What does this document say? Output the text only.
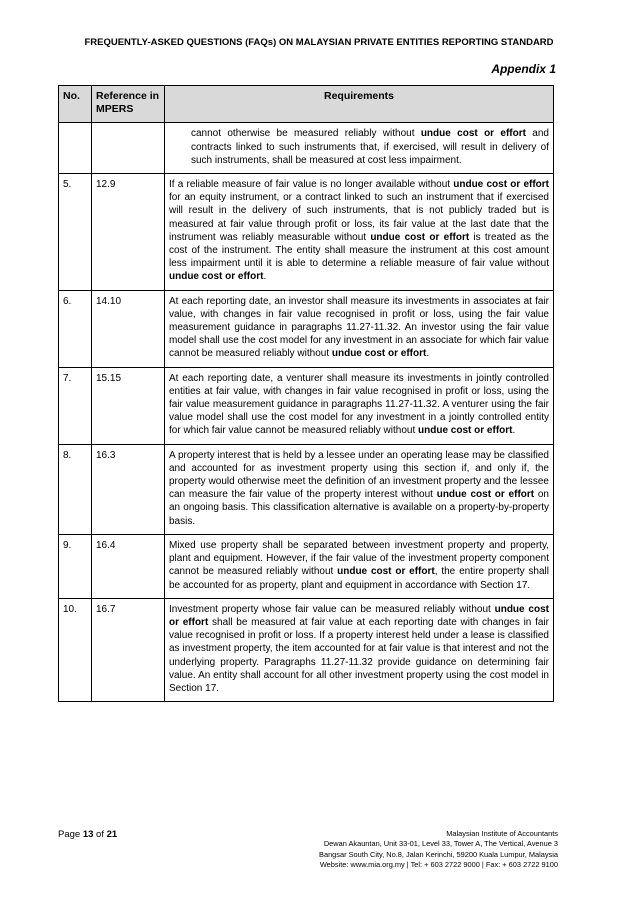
FREQUENTLY-ASKED QUESTIONS (FAQs) ON MALAYSIAN PRIVATE ENTITIES REPORTING STANDARD
Appendix 1
No.	Reference in MPERS	Requirements
		cannot otherwise be measured reliably without undue cost or effort and contracts linked to such instruments that, if exercised, will result in delivery of such instruments, shall be measured at cost less impairment.
5.	12.9	If a reliable measure of fair value is no longer available without undue cost or effort for an equity instrument, or a contract linked to such an instrument that if exercised will result in the delivery of such instruments, that is not publicly traded but is measured at fair value through profit or loss, its fair value at the last date that the instrument was reliably measurable without undue cost or effort is treated as the cost of the instrument. The entity shall measure the instrument at this cost amount less impairment until it is able to determine a reliable measure of fair value without undue cost or effort.
6.	14.10	At each reporting date, an investor shall measure its investments in associates at fair value, with changes in fair value recognised in profit or loss, using the fair value measurement guidance in paragraphs 11.27-11.32. An investor using the fair value model shall use the cost model for any investment in an associate for which fair value cannot be measured reliably without undue cost or effort.
7.	15.15	At each reporting date, a venturer shall measure its investments in jointly controlled entities at fair value, with changes in fair value recognised in profit or loss, using the fair value measurement guidance in paragraphs 11.27-11.32. A venturer using the fair value model shall use the cost model for any investment in a jointly controlled entity for which fair value cannot be measured reliably without undue cost or effort.
8.	16.3	A property interest that is held by a lessee under an operating lease may be classified and accounted for as investment property using this section if, and only if, the property would otherwise meet the definition of an investment property and the lessee can measure the fair value of the property interest without undue cost or effort on an ongoing basis. This classification alternative is available on a property-by-property basis.
9.	16.4	Mixed use property shall be separated between investment property and property, plant and equipment. However, if the fair value of the investment property component cannot be measured reliably without undue cost or effort, the entire property shall be accounted for as property, plant and equipment in accordance with Section 17.
10.	16.7	Investment property whose fair value can be measured reliably without undue cost or effort shall be measured at fair value at each reporting date with changes in fair value recognised in profit or loss. If a property interest held under a lease is classified as investment property, the item accounted for at fair value is that interest and not the underlying property. Paragraphs 11.27-11.32 provide guidance on determining fair value. An entity shall account for all other investment property using the cost model in Section 17.
Page 13 of 21	Malaysian Institute of Accountants
Dewan Akauntan, Unit 33-01, Level 33, Tower A, The Vertical, Avenue 3
Bangsar South City, No.8, Jalan Kerinchi, 59200 Kuala Lumpur, Malaysia
Website: www.mia.org.my | Tel: + 603 2722 9000 | Fax: + 603 2722 9100
